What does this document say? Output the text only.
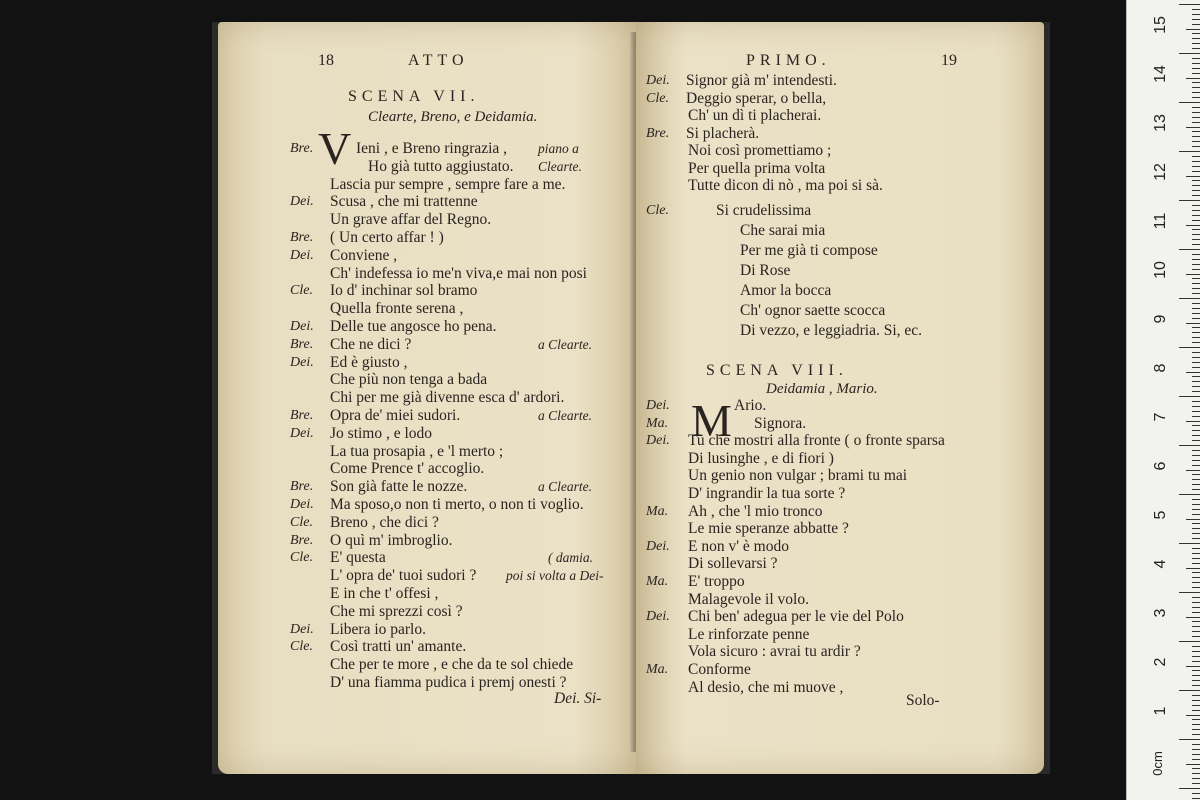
18	ATTO
SCENA VII.
Clearte, Breno, e Deidamia.
V
Bre.	Ieni , e Breno ringrazia , piano a
Ho già tutto aggiustato. Clearte.
Lascia pur sempre , sempre fare a me.
Dei. Scusa , che mi trattenne
Un grave affar del Regno.
Bre. ( Un certo affar ! )
Dei. Conviene ,
Ch' indefessa io me'n viva,e mai non posi
Cle. Io d' inchinar sol bramo
Quella fronte serena ,
Dei. Delle tue angosce ho pena.
Bre. Che ne dici ?	a Clearte.
Dei. Ed è giusto ,
Che più non tenga a bada
Chi per me già divenne esca d' ardori.
Bre. Opra de' miei sudori.	a Clearte.
Dei. Jo stimo , e lodo
La tua prosapia , e 'l merto ;
Come Prence t' accoglio.
Bre. Son già fatte le nozze.	a Clearte.
Dei. Ma sposo,o non ti merto, o non ti voglio.
Cle. Breno , che dici ?
Bre. O quì m' imbroglio.
Cle. E' questa	( damia.
L' opra de' tuoi sudori ? poi si volta a Dei-
E in che t' offesi ,
Che mi sprezzi così ?
Dei. Libera io parlo.
Cle. Così tratti un' amante.
Che per te more , e che da te sol chiede
D' una fiamma pudica i premj onesti ?
Dei. Si-
PRIMO.	19
Dei. Signor già m' intendesti.
Cle. Deggio sperar, o bella,
Ch' un dì ti placherai.
Bre. Si placherà.
Noi così promettiamo ;
Per quella prima volta
Tutte dicon di nò , ma poi si sà.
Cle.	Si crudelissima
Che sarai mia
Per me già ti compose
Di Rose
Amor la bocca
Ch' ognor saette scocca
Di vezzo, e leggiadria. Si, ec.
Dei.	Ario.
Ma.	Signora.
Dei. Tu che mostri alla fronte ( o fronte sparsa
Di lusinghe , e di fiori )
Un genio non vulgar ; brami tu mai
D' ingrandir la tua sorte ?
Ma. Ah , che 'l mio tronco
Le mie speranze abbatte ?
Dei. E non v' è modo
Di sollevarsi ?
Ma. E' troppo
Malagevole il volo.
Dei. Chi ben' adegua per le vie del Polo
Le rinforzate penne
Vola sicuro : avrai tu ardir ?
Ma. Conforme
Al desio, che mi muove ,
SCENA VIII.
Deidamia , Mario.
M
Solo-
15
14
13
12
11
10
9
8
7
6
5
4
3
2
1
0cm
